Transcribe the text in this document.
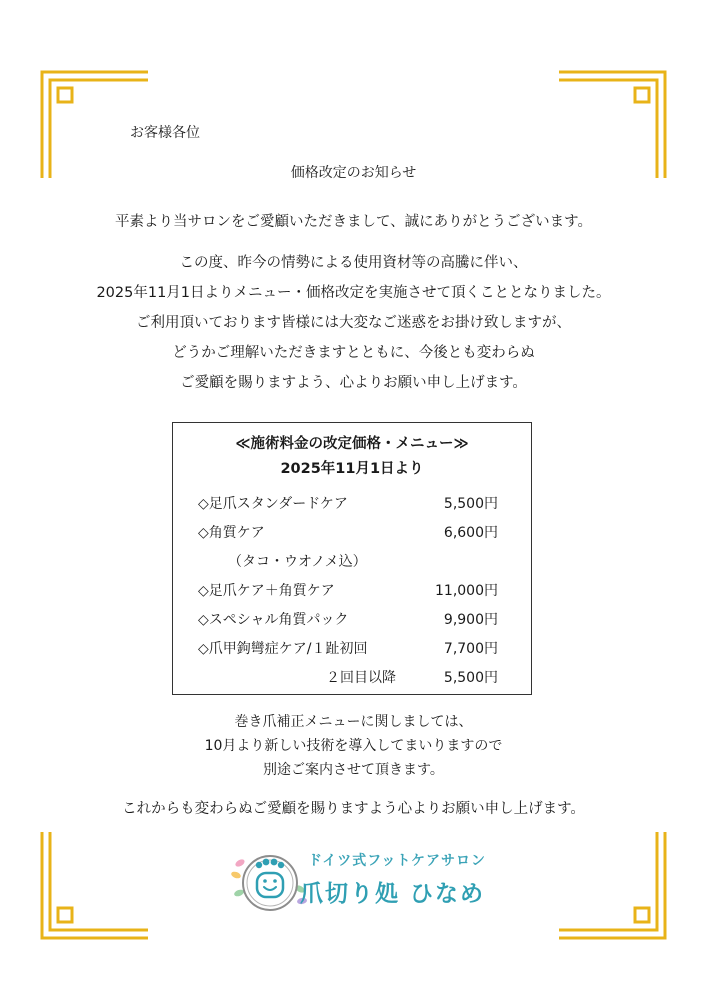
お客様各位
価格改定のお知らせ
平素より当サロンをご愛顧いただきまして、誠にありがとうございます。
この度、昨今の情勢による使用資材等の高騰に伴い、
2025年11月1日よりメニュー・価格改定を実施させて頂くこととなりました。
ご利用頂いております皆様には大変なご迷惑をお掛け致しますが、
どうかご理解いただきますとともに、今後とも変わらぬ
ご愛顧を賜りますよう、心よりお願い申し上げます。
≪施術料金の改定価格・メニュー≫
2025年11月1日より
◇足爪スタンダードケア	5,500円
◇角質ケア	6,600円
（タコ・ウオノメ込）
◇足爪ケア＋角質ケア	11,000円
◇スペシャル角質パック	9,900円
◇爪甲鉤彎症ケア/１趾初回	7,700円
２回目以降	5,500円
巻き爪補正メニューに関しましては、
10月より新しい技術を導入してまいりますので
別途ご案内させて頂きます。
これからも変わらぬご愛顧を賜りますよう心よりお願い申し上げます。
ドイツ式フットケアサロン
爪切り処 ひなめ
